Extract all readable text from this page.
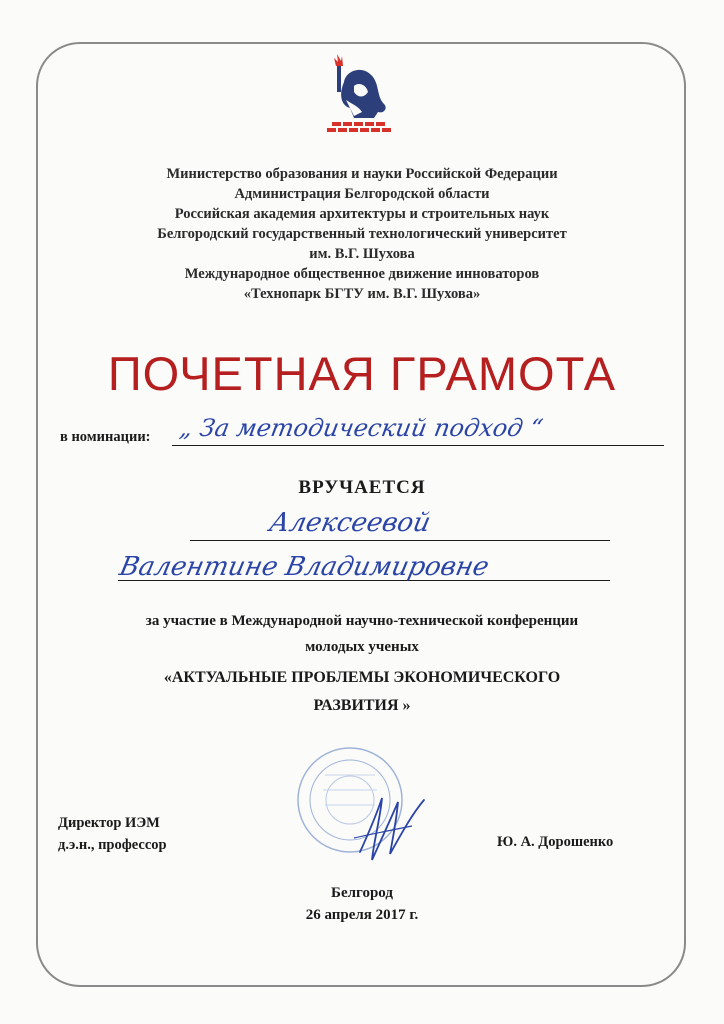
Министерство образования и науки Российской Федерации
Администрация Белгородской области
Российская академия архитектуры и строительных наук
Белгородский государственный технологический университет
им. В.Г. Шухова
Международное общественное движение инноваторов
«Технопарк БГТУ им. В.Г. Шухова»
ПОЧЕТНАЯ ГРАМОТА
в номинации: „ За методический подход “
ВРУЧАЕТСЯ
Алексеевой
Валентине Владимировне
за участие в Международной научно-технической конференции
молодых ученых
«АКТУАЛЬНЫЕ ПРОБЛЕМЫ ЭКОНОМИЧЕСКОГО
РАЗВИТИЯ »
Директор ИЭМ
д.э.н., профессор	Ю. А. Дорошенко
Белгород
26 апреля 2017 г.
